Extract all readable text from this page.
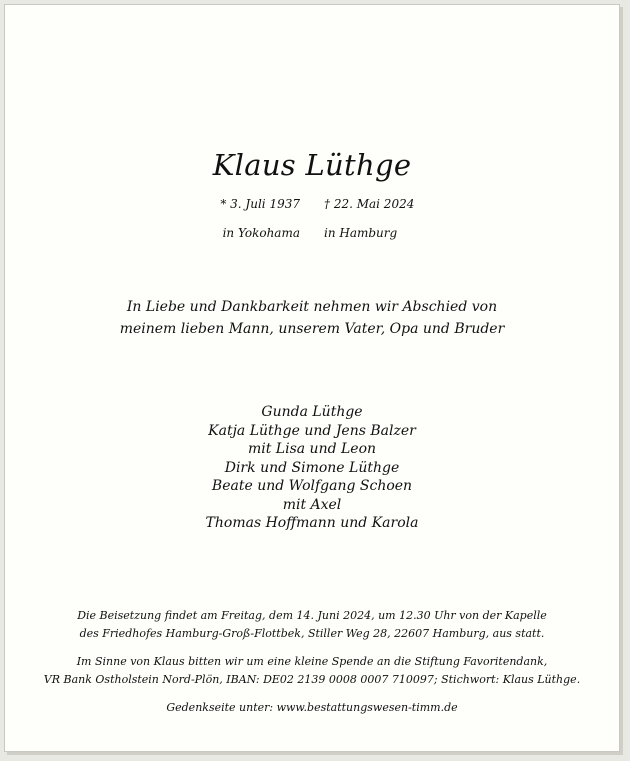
Klaus Lüthge
* 3. Juli 1937	† 22. Mai 2024
in Yokohama	in Hamburg
In Liebe und Dankbarkeit nehmen wir Abschied von
meinem lieben Mann, unserem Vater, Opa und Bruder
Gunda Lüthge
Katja Lüthge und Jens Balzer
mit Lisa und Leon
Dirk und Simone Lüthge
Beate und Wolfgang Schoen
mit Axel
Thomas Hoffmann und Karola
Die Beisetzung findet am Freitag, dem 14. Juni 2024, um 12.30 Uhr von der Kapelle
des Friedhofes Hamburg-Groß-Flottbek, Stiller Weg 28, 22607 Hamburg, aus statt.
Im Sinne von Klaus bitten wir um eine kleine Spende an die Stiftung Favoritendank,
VR Bank Ostholstein Nord-Plön, IBAN: DE02 2139 0008 0007 710097; Stichwort: Klaus Lüthge.
Gedenkseite unter: www.bestattungswesen-timm.de
